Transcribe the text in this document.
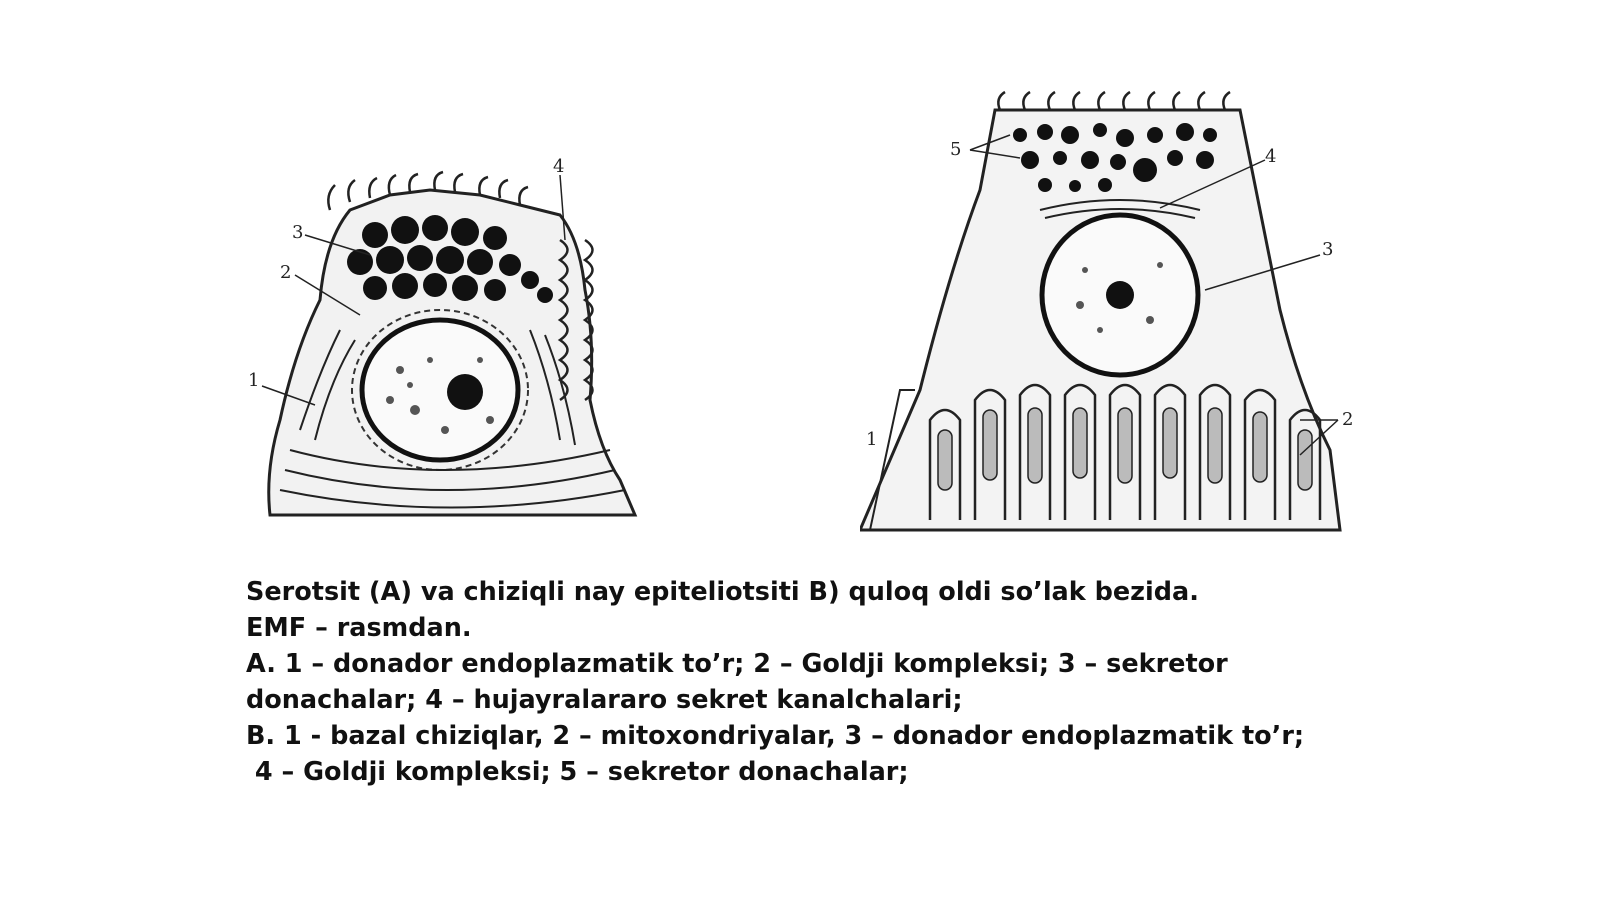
1
2
3
4
1
2
3
4
5
Serotsit (A) va chiziqli nay epiteliotsiti B) quloq oldi so’lak bezida.
EMF – rasmdan.
A. 1 – donador endoplazmatik to’r; 2 – Goldji kompleksi; 3 – sekretor
donachalar; 4 – hujayralararo sekret kanalchalari;
B. 1 - bazal chiziqlar, 2 – mitoxondriyalar, 3 – donador endoplazmatik to’r;
4 – Goldji kompleksi; 5 – sekretor donachalar;
